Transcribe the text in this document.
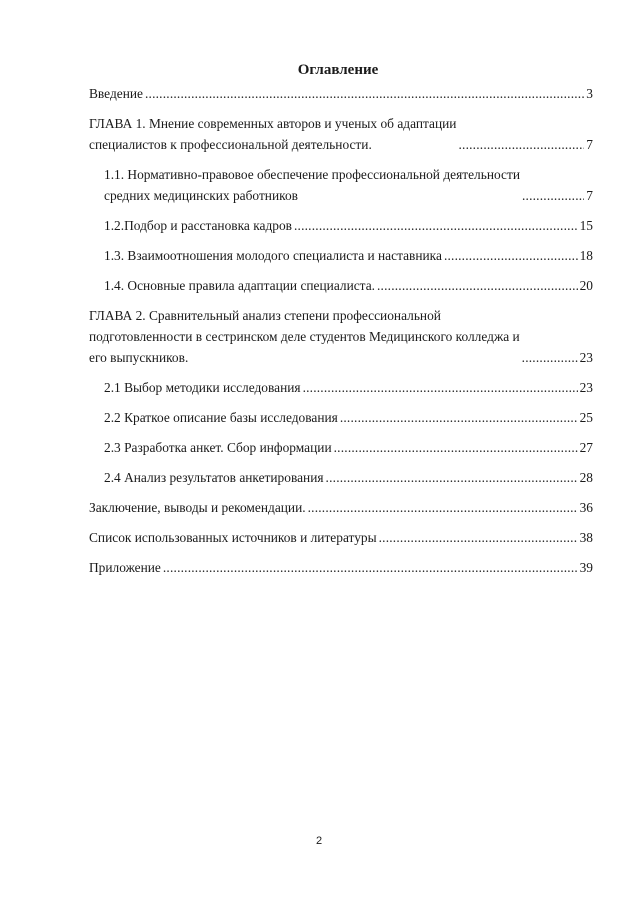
Оглавление
Введение .....	3
ГЛАВА 1. Мнение современных авторов и ученых об адаптации
специалистов к профессиональной деятельности. .....	7
1.1. Нормативно-правовое обеспечение профессиональной деятельности
средних медицинских работников .....	7
1.2.Подбор и расстановка кадров .....	15
1.3. Взаимоотношения молодого специалиста и наставника .....	18
1.4. Основные правила адаптации специалиста. .....	20
ГЛАВА 2. Сравнительный анализ степени профессиональной
подготовленности в сестринском деле студентов Медицинского колледжа и
его выпускников. .....	23
2.1 Выбор методики исследования .....	23
2.2 Краткое описание базы исследования .....	25
2.3 Разработка анкет. Сбор информации .....	27
2.4 Анализ результатов анкетирования .....	28
Заключение, выводы и рекомендации. .....	36
Список использованных источников и литературы .....	38
Приложение .....	39
2
